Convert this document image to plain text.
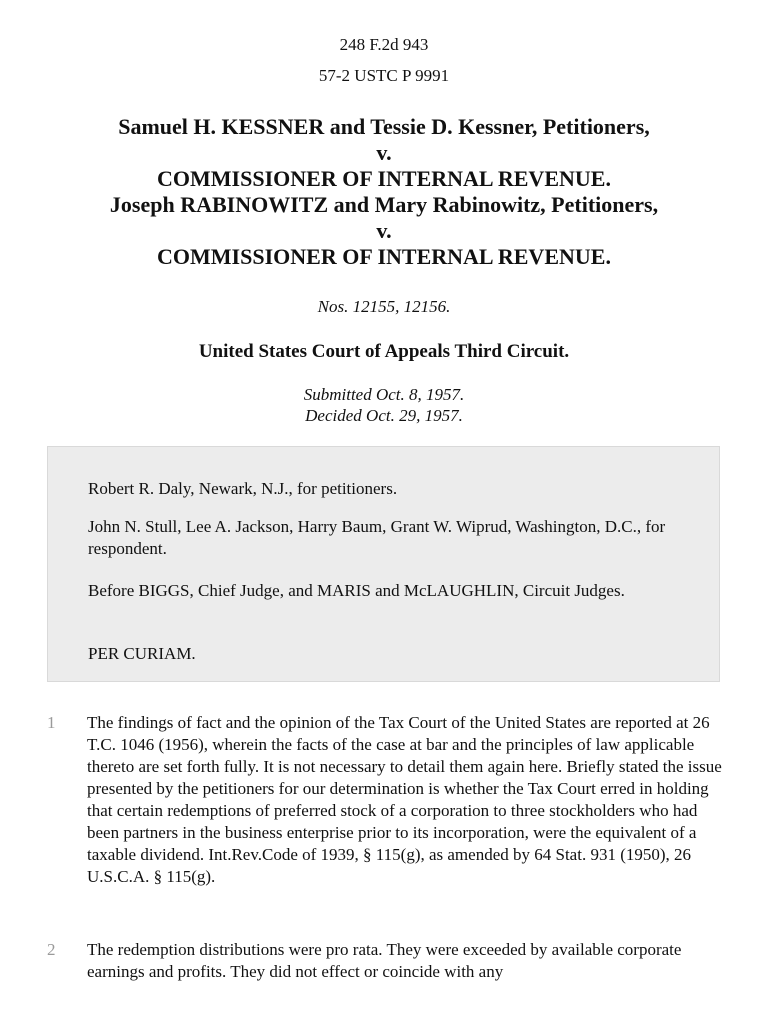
248 F.2d 943
57-2 USTC P 9991
Samuel H. KESSNER and Tessie D. Kessner, Petitioners,
v.
COMMISSIONER OF INTERNAL REVENUE.
Joseph RABINOWITZ and Mary Rabinowitz, Petitioners,
v.
COMMISSIONER OF INTERNAL REVENUE.
Nos. 12155, 12156.
United States Court of Appeals Third Circuit.
Submitted Oct. 8, 1957.
Decided Oct. 29, 1957.

Robert R. Daly, Newark, N.J., for petitioners.

John N. Stull, Lee A. Jackson, Harry Baum, Grant W. Wiprud, Washington, D.C., for respondent.

Before BIGGS, Chief Judge, and MARIS and McLAUGHLIN, Circuit Judges.

PER CURIAM.

1 The findings of fact and the opinion of the Tax Court of the United States are reported at 26 T.C. 1046 (1956), wherein the facts of the case at bar and the principles of law applicable thereto are set forth fully. It is not necessary to detail them again here. Briefly stated the issue presented by the petitioners for our determination is whether the Tax Court erred in holding that certain redemptions of preferred stock of a corporation to three stockholders who had been partners in the business enterprise prior to its incorporation, were the equivalent of a taxable dividend. Int.Rev.Code of 1939, § 115(g), as amended by 64 Stat. 931 (1950), 26 U.S.C.A. § 115(g).

2 The redemption distributions were pro rata. They were exceeded by available corporate earnings and profits. They did not effect or coincide with any
